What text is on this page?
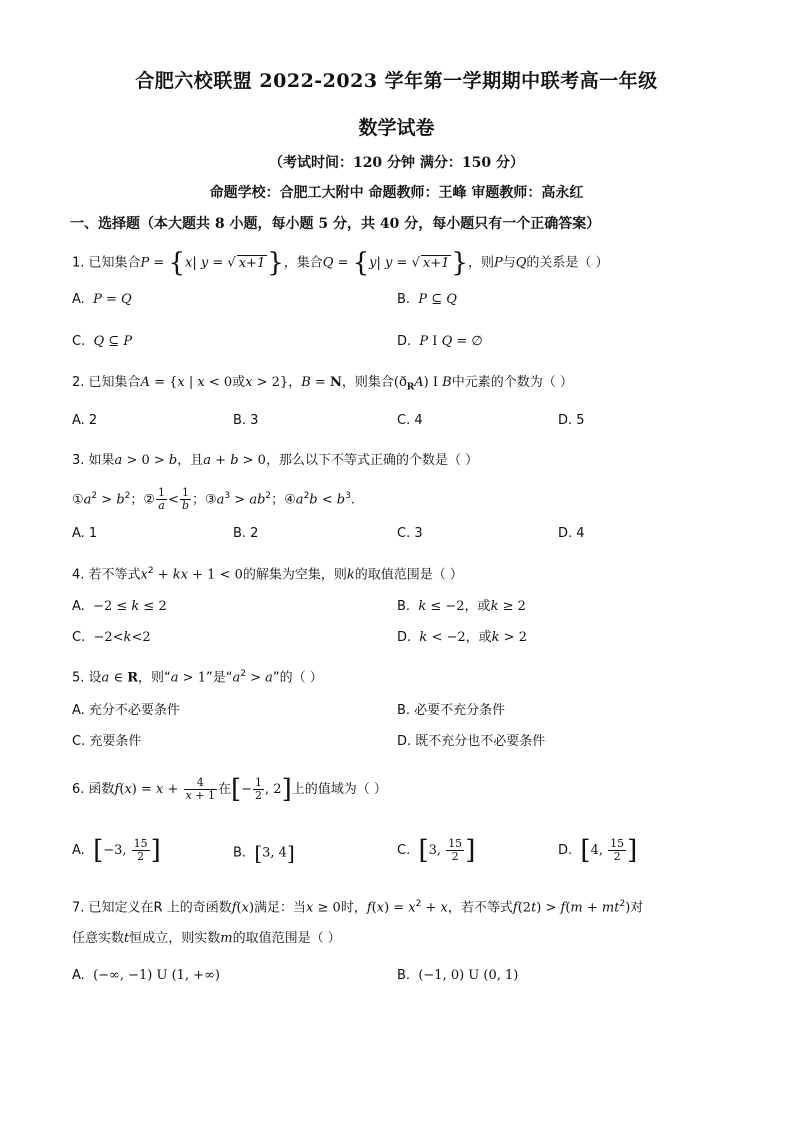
合肥六校联盟 2022-2023 学年第一学期期中联考高一年级
数学试卷
（考试时间：120 分钟 满分：150 分）
命题学校：合肥工大附中 命题教师：王峰 审题教师：高永红
一、选择题（本大题共 8 小题，每小题 5 分，共 40 分，每小题只有一个正确答案）
1. 已知集合P = {x| y = √ x+1}，集合Q = {y| y = √ x+1}，则P与Q的关系是（ ）
A. P = Q	B. P ⊆ Q
C. Q ⊆ P	D. P I Q = ∅
2. 已知集合A = {x | x < 0或x > 2}，B = N，则集合$(ð_RA)$ I B中元素的个数为（ ）
A. 2	B. 3	C. 4	D. 5
3. 如果a > 0 > b，且a + b > 0，那么以下不等式正确的个数是（ ）
$①a^2 > b^2$；② $\frac{1}{a} < \frac{1}{b}$ ；$③a^3 > ab^2$；$④a^2b < b^3$.
A. 1	B. 2	C. 3	D. 4
4. 若不等式$x^2$ + kx + 1 < 0的解集为空集，则k的取值范围是（ ）
A.  −2 ≤ k ≤ 2	B.  k ≤ −2，或k ≥ 2
C.  −2<k<2	D.  k < −2，或k > 2
5. 设a ∈ R，则“a > 1”是“$a^2 > a$”的（ ）
A. 充分不必要条件	B. 必要不充分条件
C. 充要条件	D. 既不充分也不必要条件
6. 函数$f(x) = x + \frac{4}{x + 1}$ 在[− $\frac{1}{2}$ , 2]上的值域为（ ）
A. [−3, $\frac{15}{2}$ ]	B. [3, 4]	C. [3, $\frac{15}{2}$ ]	D. [4, $\frac{15}{2}$ ]
7. 已知定义在R 上的奇函数f(x)满足：当x ≥ 0时，$f(x) = x^2 + x$，若不等式$f(2t) > f(m + mt^2)$对
任意实数t恒成立，则实数m的取值范围是（ ）
A. (−∞, −1) U (1, +∞)	B. (−1, 0) U (0, 1)
